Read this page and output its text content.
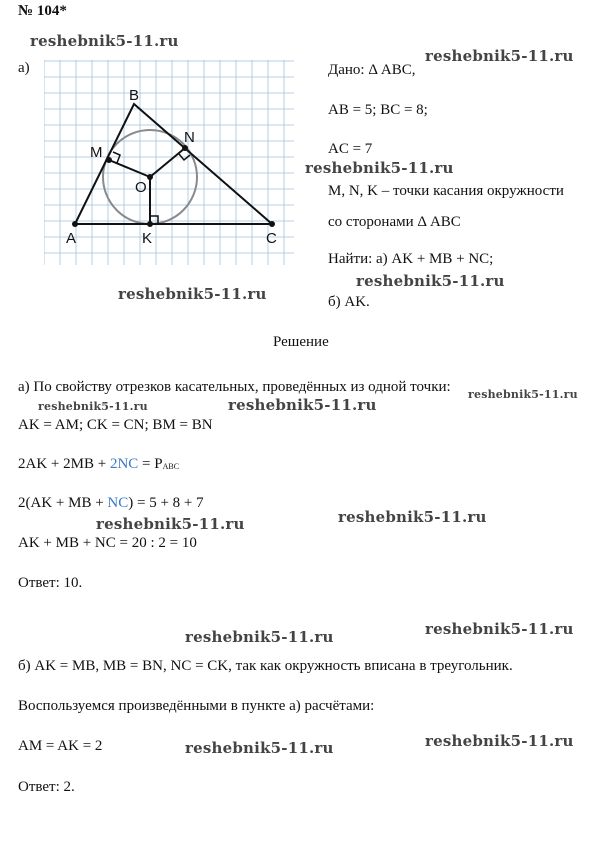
№ 104*
а)
B
M
N
O
A	K	C
Дано: Δ ABC,
AB = 5; BC = 8;
AC = 7
M, N, K – точки касания окружности
со сторонами Δ ABC
Найти: а) AK + MB + NC;
б) AK.
Решение
а) По свойству отрезков касательных, проведённых из одной точки:
AK = AM; CK = CN; BM = BN
2AK + 2MB + 2NC = PABC
2(AK + MB + NC) = 5 + 8 + 7
AK + MB + NC = 20 : 2 = 10
Ответ: 10.
б) AK = MB, MB = BN, NC = CK, так как окружность вписана в треугольник.
Воспользуемся произведёнными в пункте а) расчётами:
AM = AK = 2
Ответ: 2.
reshebnik5-11.ru
reshebnik5-11.ru
reshebnik5-11.ru
reshebnik5-11.ru
reshebnik5-11.ru
reshebnik5-11.ru	reshebnik5-11.ru
reshebnik5-11.ru
reshebnik5-11.ru	reshebnik5-11.ru
reshebnik5-11.ru
reshebnik5-11.ru
reshebnik5-11.ru
reshebnik5-11.ru
